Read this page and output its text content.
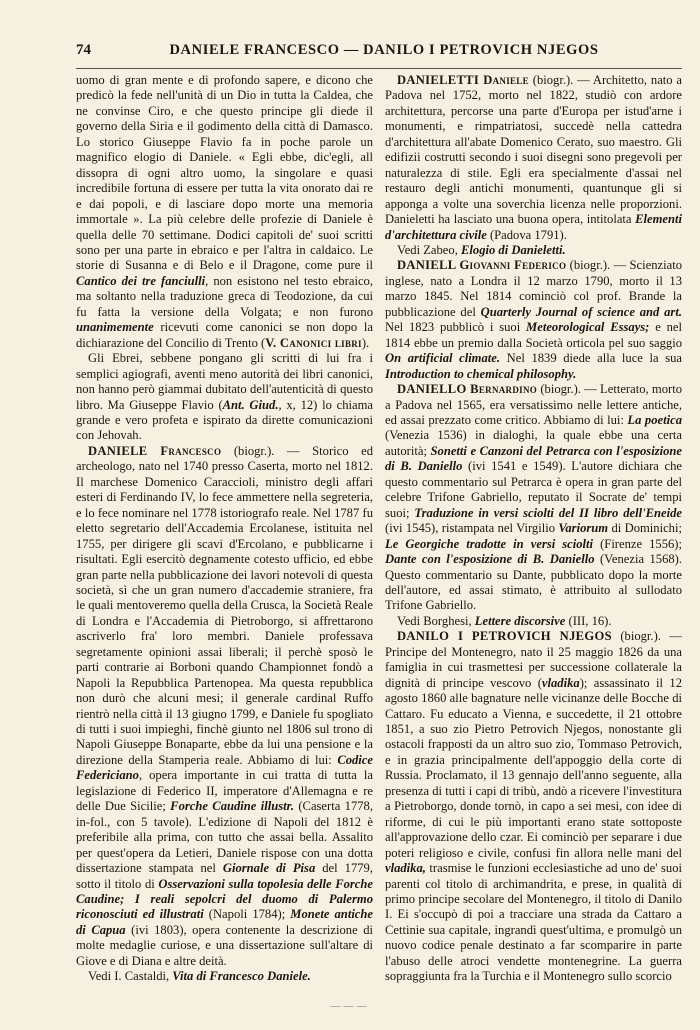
74	DANIELE FRANCESCO — DANILO I PETROVICH NJEGOS

uomo di gran mente e di profondo sapere, e dicono che predicò la fede nell'unità di un Dio in tutta la Caldea, che ne convinse Ciro, e che questo principe gli diede il governo della Siria e il godimento della città di Damasco. Lo storico Giuseppe Flavio fa in poche parole un magnifico elogio di Daniele. « Egli ebbe, dic'egli, all dissopra di ogni altro uomo, la singolare e quasi incredibile fortuna di essere per tutta la vita onorato dai re e dai popoli, e di lasciare dopo morte una memoria immortale ». La più celebre delle profezie di Daniele è quella delle 70 settimane. Dodici capitoli de' suoi scritti sono per una parte in ebraico e per l'altra in caldaico. Le storie di Susanna e di Belo e il Dragone, come pure il Cantico dei tre fanciulli, non esistono nel testo ebraico, ma soltanto nella traduzione greca di Teodozione, da cui fu fatta la versione della Volgata; e non furono unanimemente ricevuti come canonici se non dopo la dichiarazione del Concilio di Trento (V. Canonici libri).

Gli Ebrei, sebbene pongano gli scritti di lui fra i semplici agiografi, aventi meno autorità dei libri canonici, non hanno però giammai dubitato dell'autenticità di questo libro. Ma Giuseppe Flavio (Ant. Giud., x, 12) lo chiama grande e vero profeta e ispirato da dirette comunicazioni con Jehovah.

DANIELE Francesco (biogr.). — Storico ed archeologo, nato nel 1740 presso Caserta, morto nel 1812. Il marchese Domenico Caraccioli, ministro degli affari esteri di Ferdinando IV, lo fece ammettere nella segreteria, e lo fece nominare nel 1778 istoriografo reale. Nel 1787 fu eletto segretario dell'Accademia Ercolanese, istituita nel 1755, per dirigere gli scavi d'Ercolano, e pubblicarne i risultati. Egli esercitò degnamente cotesto ufficio, ed ebbe gran parte nella pubblicazione dei lavori notevoli di questa società, sì che un gran numero d'accademie straniere, fra le quali mentoveremo quella della Crusca, la Società Reale di Londra e l'Accademia di Pietroborgo, si affrettarono ascriverlo fra' loro membri. Daniele professava segretamente opinioni assai liberali; il perchè sposò le parti contrarie ai Borboni quando Championnet fondò a Napoli la Repubblica Partenopea. Ma questa repubblica non durò che alcuni mesi; il generale cardinal Ruffo rientrò nella città il 13 giugno 1799, e Daniele fu spogliato di tutti i suoi impieghi, finchè giunto nel 1806 sul trono di Napoli Giuseppe Bonaparte, ebbe da lui una pensione e la direzione della Stamperia reale. Abbiamo di lui: Codice Federiciano, opera importante in cui tratta di tutta la legislazione di Federico II, imperatore d'Allemagna e re delle Due Sicilie; Forche Caudine illustr. (Caserta 1778, in-fol., con 5 tavole). L'edizione di Napoli del 1812 è preferibile alla prima, con tutto che assai bella. Assalito per quest'opera da Letieri, Daniele rispose con una dotta dissertazione stampata nel Giornale di Pisa del 1779, sotto il titolo di Osservazioni sulla topolesia delle Forche Caudine; I reali sepolcri del duomo di Palermo riconosciuti ed illustrati (Napoli 1784); Monete antiche di Capua (ivi 1803), opera contenente la descrizione di molte medaglie curiose, e una dissertazione sull'altare di Giove e di Diana e altre deità.

Vedi I. Castaldi, Vita di Francesco Daniele.

DANIELETTI Daniele (biogr.). — Architetto, nato a Padova nel 1752, morto nel 1822, studiò con ardore architettura, percorse una parte d'Europa per istud'arne i monumenti, e rimpatriatosi, succedè nella cattedra d'architettura all'abate Domenico Cerato, suo maestro. Gli edifizii costrutti secondo i suoi disegni sono pregevoli per naturalezza di stile. Egli era specialmente d'assai nel restauro degli antichi monumenti, quantunque gli si apponga a volte una soverchia licenza nelle proporzioni. Danieletti ha lasciato una buona opera, intitolata Elementi d'architettura civile (Padova 1791).

Vedi Zabeo, Elogio di Danieletti.

DANIELL Giovanni Federico (biogr.). — Scienziato inglese, nato a Londra il 12 marzo 1790, morto il 13 marzo 1845. Nel 1814 cominciò col prof. Brande la pubblicazione del Quarterly Journal of science and art. Nel 1823 pubblicò i suoi Meteorological Essays; e nel 1814 ebbe un premio dalla Società orticola pel suo saggio On artificial climate. Nel 1839 diede alla luce la sua Introduction to chemical philosophy.

DANIELLO Bernardino (biogr.). — Letterato, morto a Padova nel 1565, era versatissimo nelle lettere antiche, ed assai prezzato come critico. Abbiamo di lui: La poetica (Venezia 1536) in dialoghi, la quale ebbe una certa autorità; Sonetti e Canzoni del Petrarca con l'esposizione di B. Daniello (ivi 1541 e 1549). L'autore dichiara che questo commentario sul Petrarca è opera in gran parte del celebre Trifone Gabriello, reputato il Socrate de' tempi suoi; Traduzione in versi sciolti del II libro dell'Eneide (ivi 1545), ristampata nel Virgilio Variorum di Dominichi; Le Georgiche tradotte in versi sciolti (Firenze 1556); Dante con l'esposizione di B. Daniello (Venezia 1568). Questo commentario su Dante, pubblicato dopo la morte dell'autore, ed assai stimato, è attribuito al sullodato Trifone Gabriello.

Vedi Borghesi, Lettere discorsive (III, 16).

DANILO I PETROVICH NJEGOS (biogr.). — Principe del Montenegro, nato il 25 maggio 1826 da una famiglia in cui trasmettesi per successione collaterale la dignità di principe vescovo (vladika); assassinato il 12 agosto 1860 alle bagnature nelle vicinanze delle Bocche di Cattaro. Fu educato a Vienna, e succedette, il 21 ottobre 1851, a suo zio Pietro Petrovich Njegos, nonostante gli ostacoli frapposti da un altro suo zio, Tommaso Petrovich, e in grazia principalmente dell'appoggio della corte di Russia. Proclamato, il 13 gennajo dell'anno seguente, alla presenza di tutti i capi di tribù, andò a ricevere l'investitura a Pietroborgo, donde tornò, in capo a sei mesi, con idee di riforme, di cui le più importanti erano state sottoposte all'approvazione dello czar. Ei cominciò per separare i due poteri religioso e civile, confusi fin allora nelle mani del vladika, trasmise le funzioni ecclesiastiche ad uno de' suoi parenti col titolo di archimandrita, e prese, in qualità di primo principe secolare del Montenegro, il titolo di Danilo I. Ei s'occupò di poi a tracciare una strada da Cattaro a Cettinie sua capitale, ingrandì quest'ultima, e promulgò un nuovo codice penale destinato a far scomparire in parte l'abuso delle atroci vendette montenegrine. La guerra sopraggiunta fra la Turchia e il Montenegro sullo scorcio

———
